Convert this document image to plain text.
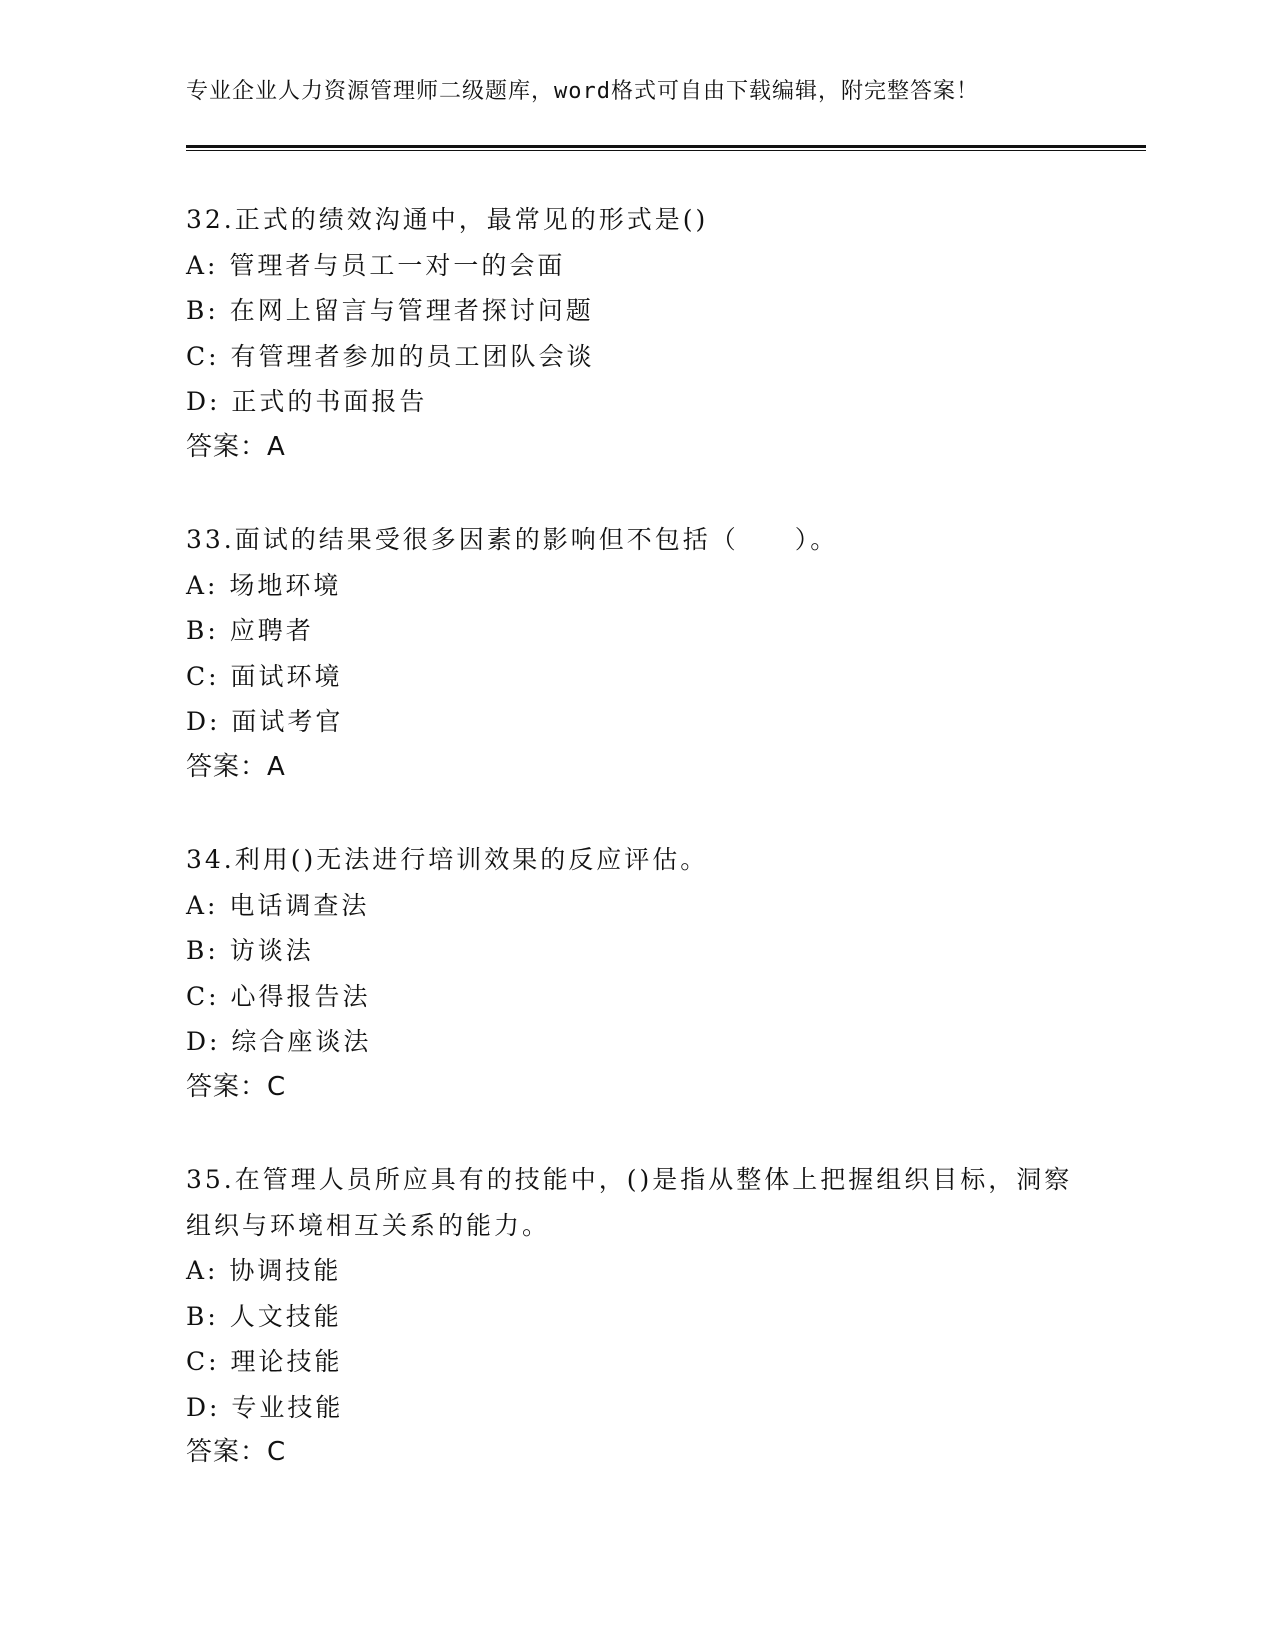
专业企业人力资源管理师二级题库，word格式可自由下载编辑，附完整答案！
32.正式的绩效沟通中，最常见的形式是()
A: 管理者与员工一对一的会面
B: 在网上留言与管理者探讨问题
C: 有管理者参加的员工团队会谈
D: 正式的书面报告
答案：A
33.面试的结果受很多因素的影响但不包括（　　）。
A: 场地环境
B: 应聘者
C: 面试环境
D: 面试考官
答案：A
34.利用()无法进行培训效果的反应评估。
A: 电话调查法
B: 访谈法
C: 心得报告法
D: 综合座谈法
答案：C
35.在管理人员所应具有的技能中，()是指从整体上把握组织目标，洞察组织与环境相互关系的能力。
A: 协调技能
B: 人文技能
C: 理论技能
D: 专业技能
答案：C
